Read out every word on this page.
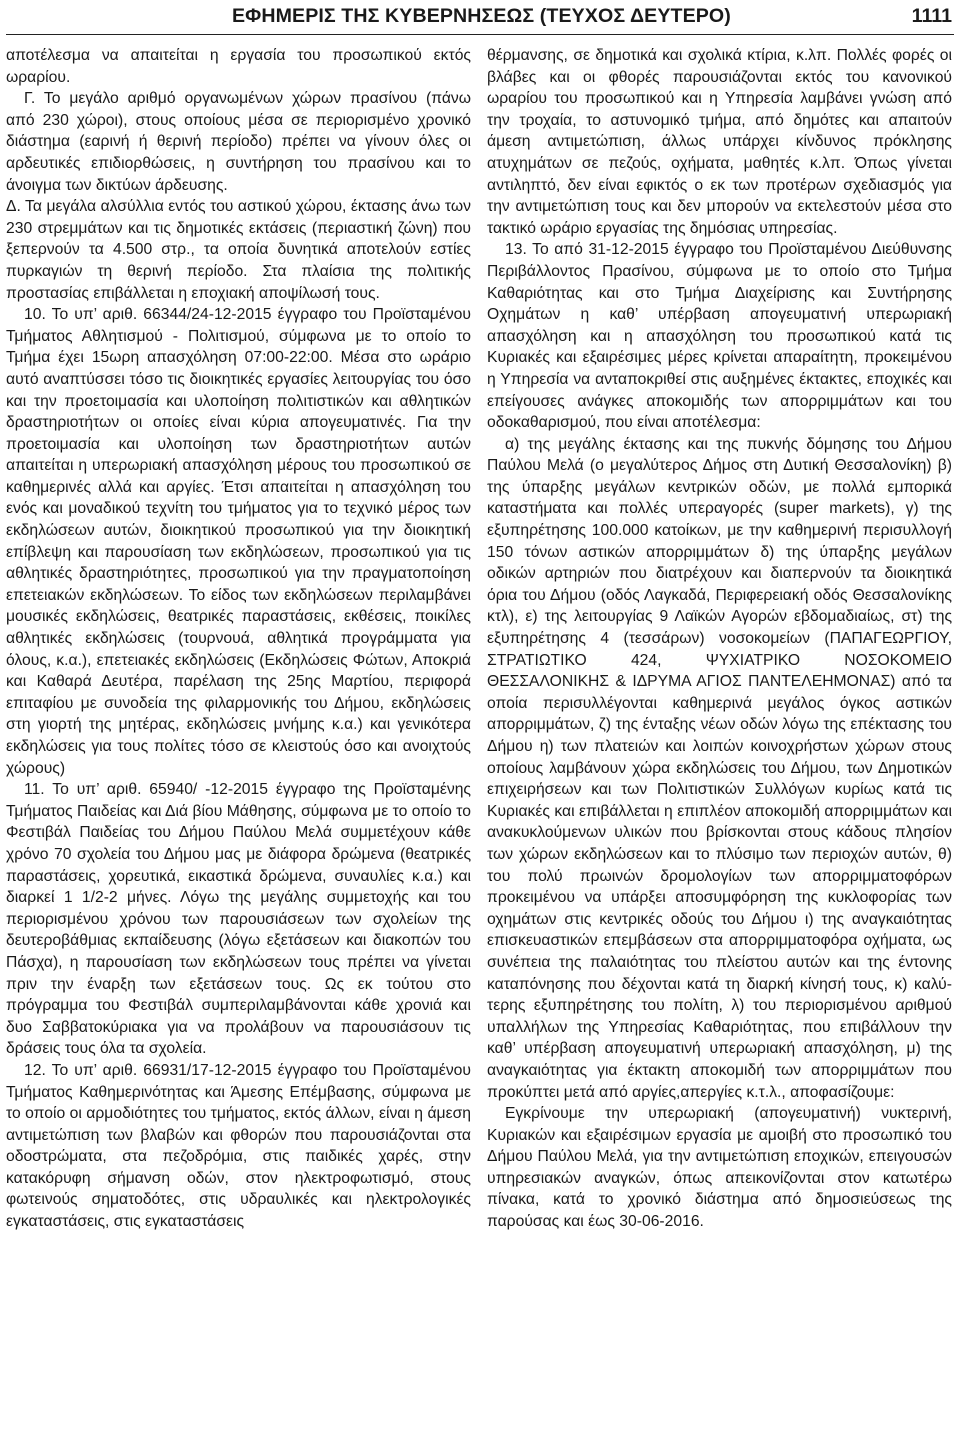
ΕΦΗΜΕΡΙΣ ΤΗΣ ΚΥΒΕΡΝΗΣΕΩΣ (ΤΕΥΧΟΣ ΔΕΥΤΕΡΟ)	1111

αποτέλεσμα να απαιτείται η εργασία του προσωπικού εκτός ωραρίου.

Γ. Το μεγάλο αριθμό οργανωμένων χώρων πρασίνου (πάνω από 230 χώροι), στους οποίους μέσα σε περιορισμένο χρονικό διάστημα (εαρινή ή θερινή περίοδο) πρέπει να γίνουν όλες οι αρδευτικές επιδιορθώσεις, η συντήρηση του πρασίνου και το άνοιγμα των δικτύων άρδευσης.

Δ. Τα μεγάλα αλσύλλια εντός του αστικού χώρου, έκτασης άνω των 230 στρεμμάτων και τις δημοτικές εκτάσεις (περιαστική ζώνη) που ξεπερνούν τα 4.500 στρ., τα οποία δυνητικά αποτελούν εστίες πυρκαγιών τη θερινή περίοδο. Στα πλαίσια της πολιτικής προστασίας επιβάλλεται η εποχιακή αποψίλωσή τους.

10. Το υπ’ αριθ. 66344/24-12-2015 έγγραφο του Προϊσταμένου Τμήματος Αθλητισμού - Πολιτισμού, σύμφωνα με το οποίο το Τμήμα έχει 15ωρη απασχόληση 07:00-22:00. Μέσα στο ωράριο αυτό αναπτύσσει τόσο τις διοικητικές εργασίες λειτουργίας του όσο και την προετοιμασία και υλοποίηση πολιτιστικών και αθλητικών δραστηριοτήτων οι οποίες είναι κύρια απογευματινές. Για την προετοιμασία και υλοποίηση των δραστηριοτήτων αυτών απαιτείται η υπερωριακή απασχόληση μέρους του προσωπικού σε καθημερινές αλλά και αργίες. Έτσι απαιτείται η απασχόληση του ενός και μοναδικού τεχνίτη του τμήματος για το τεχνικό μέρος των εκδηλώσεων αυτών, διοικητικού προσωπικού για την διοικητική επίβλεψη και παρουσίαση των εκδηλώσεων, προσωπικού για τις αθλητικές δραστηριότητες, προσωπικού για την πραγματοποίηση επετειακών εκδηλώσεων. Το είδος των εκδηλώσεων περιλαμβάνει μουσικές εκδηλώσεις, θεατρικές παραστάσεις, εκθέσεις, ποικίλες αθλητικές εκδηλώσεις (τουρνουά, αθλητικά προγράμματα για όλους, κ.α.), επετειακές εκδηλώσεις (Εκδηλώσεις Φώτων, Αποκριά και Καθαρά Δευτέρα, παρέλαση της 25ης Μαρτίου, περιφορά επιταφίου με συνοδεία της φιλαρμονικής του Δήμου, εκδηλώσεις στη γιορτή της μητέρας, εκδηλώσεις μνήμης κ.α.) και γενικότερα εκδηλώσεις για τους πολίτες τόσο σε κλειστούς όσο και ανοιχτούς χώρους)

11. Το υπ’ αριθ. 65940/ -12-2015 έγγραφο της Προϊσταμένης Τμήματος Παιδείας και Διά βίου Μάθησης, σύμφωνα με το οποίο το Φεστιβάλ Παιδείας του Δήμου Παύλου Μελά συμμετέχουν κάθε χρόνο 70 σχολεία του Δήμου μας με διάφορα δρώμενα (θεατρικές παραστάσεις, χορευτικά, εικαστικά δρώμενα, συναυλίες κ.α.) και διαρκεί 1 1/2-2 μήνες. Λόγω της μεγάλης συμμετοχής και του περιορισμένου χρόνου των παρουσιάσεων των σχολείων της δευτεροβάθμιας εκπαίδευσης (λόγω εξετάσεων και διακοπών του Πάσχα), η παρουσίαση των εκδηλώσεων τους πρέπει να γίνεται πριν την έναρξη των εξετάσεων τους. Ως εκ τούτου στο πρόγραμμα του Φεστιβάλ συμπεριλαμβάνονται κάθε χρονιά και δυο Σαββατοκύριακα για να προλάβουν να παρουσιάσουν τις δράσεις τους όλα τα σχολεία.

12. Το υπ’ αριθ. 66931/17-12-2015 έγγραφο του Προϊσταμένου Τμήματος Καθημερινότητας και Άμεσης Επέμβασης, σύμφωνα με το οποίο οι αρμοδιότητες του τμήματος, εκτός άλλων, είναι η άμεση αντιμετώπιση των βλαβών και φθορών που παρουσιάζονται στα οδοστρώματα, στα πεζοδρόμια, στις παιδικές χαρές, στην κατακόρυφη σήμανση οδών, στον ηλεκτροφωτισμό, στους φωτεινούς σηματοδότες, στις υδραυλικές και ηλεκτρολογικές εγκαταστάσεις, στις εγκαταστάσεις

θέρμανσης, σε δημοτικά και σχολικά κτίρια, κ.λπ. Πολλές φορές οι βλάβες και οι φθορές παρουσιάζονται εκτός του κανονικού ωραρίου του προσωπικού και η Υπηρεσία λαμβάνει γνώση από την τροχαία, το αστυνομικό τμήμα, από δημότες και απαιτούν άμεση αντιμετώπιση, άλλως υπάρχει κίνδυνος πρόκλησης ατυχημάτων σε πεζούς, οχήματα, μαθητές κ.λπ. Όπως γίνεται αντιληπτό, δεν είναι εφικτός ο εκ των προτέρων σχεδιασμός για την αντιμετώπιση τους και δεν μπορούν να εκτελεστούν μέσα στο τακτικό ωράριο εργασίας της δημόσιας υπηρεσίας.

13. Το από 31-12-2015 έγγραφο του Προϊσταμένου Διεύθυνσης Περιβάλλοντος Πρασίνου, σύμφωνα με το οποίο στο Τμήμα Καθαριότητας και στο Τμήμα Διαχείρισης και Συντήρησης Οχημάτων η καθ’ υπέρβαση απογευματινή υπερωριακή απασχόληση και η απασχόληση του προσωπικού κατά τις Κυριακές και εξαιρέσιμες μέρες κρίνεται απαραίτητη, προκειμένου η Υπηρεσία να ανταποκριθεί στις αυξημένες έκτακτες, εποχικές και επείγουσες ανάγκες αποκομιδής των απορριμμάτων και του οδοκαθαρισμού, που είναι αποτέλεσμα:

α) της μεγάλης έκτασης και της πυκνής δόμησης του Δήμου Παύλου Μελά (ο μεγαλύτερος Δήμος στη Δυτική Θεσσαλονίκη) β) της ύπαρξης μεγάλων κεντρικών οδών, με πολλά εμπορικά καταστήματα και πολλές υπεραγορές (super markets), γ) της εξυπηρέτησης 100.000 κατοίκων, με την καθημερινή περισυλλογή 150 τόνων αστικών απορριμμάτων δ) της ύπαρξης μεγάλων οδικών αρτηριών που διατρέχουν και διαπερνούν τα διοικητικά όρια του Δήμου (οδός Λαγκαδά, Περιφερειακή οδός Θεσσαλονίκης κτλ), ε) της λειτουργίας 9 Λαϊκών Αγορών εβδομαδιαίως, στ) της εξυπηρέτησης 4 (τεσσάρων) νοσοκομείων (ΠΑΠΑΓΕΩΡΓΙΟΥ, ΣΤΡΑΤΙΩΤΙΚΟ 424, ΨΥΧΙΑΤΡΙΚΟ ΝΟΣΟΚΟΜΕΙΟ ΘΕΣΣΑΛΟΝΙΚΗΣ & ΙΔΡΥΜΑ ΑΓΙΟΣ ΠΑΝΤΕΛΕΗΜΟΝΑΣ) από τα οποία περισυλλέγονται καθημερινά μεγάλος όγκος αστικών απορριμμάτων, ζ) της ένταξης νέων οδών λόγω της επέκτασης του Δήμου η) των πλατειών και λοιπών κοινοχρήστων χώρων στους οποίους λαμβάνουν χώρα εκδηλώσεις του Δήμου, των Δημοτικών επιχειρήσεων και των Πολιτιστικών Συλλόγων κυρίως κατά τις Κυριακές και επιβάλλεται η επιπλέον αποκομιδή απορριμμάτων και ανακυκλούμενων υλικών που βρίσκονται στους κάδους πλησίον των χώρων εκδηλώσεων και το πλύσιμο των περιοχών αυτών, θ) του πολύ πρωινών δρομολογίων των απορριμματοφόρων προκειμένου να υπάρξει αποσυμφόρηση της κυκλοφορίας των οχημάτων στις κεντρικές οδούς του Δήμου ι) της αναγκαιότητας επισκευαστικών επεμβάσεων στα απορριμματοφόρα οχήματα, ως συνέπεια της παλαιότητας του πλείστου αυτών και της έντονης καταπόνησης που δέχονται κατά τη διαρκή κίνησή τους, κ) καλύτερης εξυπηρέτησης του πολίτη, λ) του περιορισμένου αριθμού υπαλλήλων της Υπηρεσίας Καθαριότητας, που επιβάλλουν την καθ’ υπέρβαση απογευματινή υπερωριακή απασχόληση, μ) της αναγκαιότητας για έκτακτη αποκομιδή των απορριμμάτων που προκύπτει μετά από αργίες,απεργίες κ.τ.λ., αποφασίζουμε:

Εγκρίνουμε την υπερωριακή (απογευματινή) νυκτερινή, Κυριακών και εξαιρέσιμων εργασία με αμοιβή στο προσωπικό του Δήμου Παύλου Μελά, για την αντιμετώπιση εποχικών, επειγουσών υπηρεσιακών αναγκών, όπως απεικονίζονται στον κατωτέρω πίνακα, κατά το χρονικό διάστημα από δημοσιεύσεως της παρούσας και έως 30-06-2016.
